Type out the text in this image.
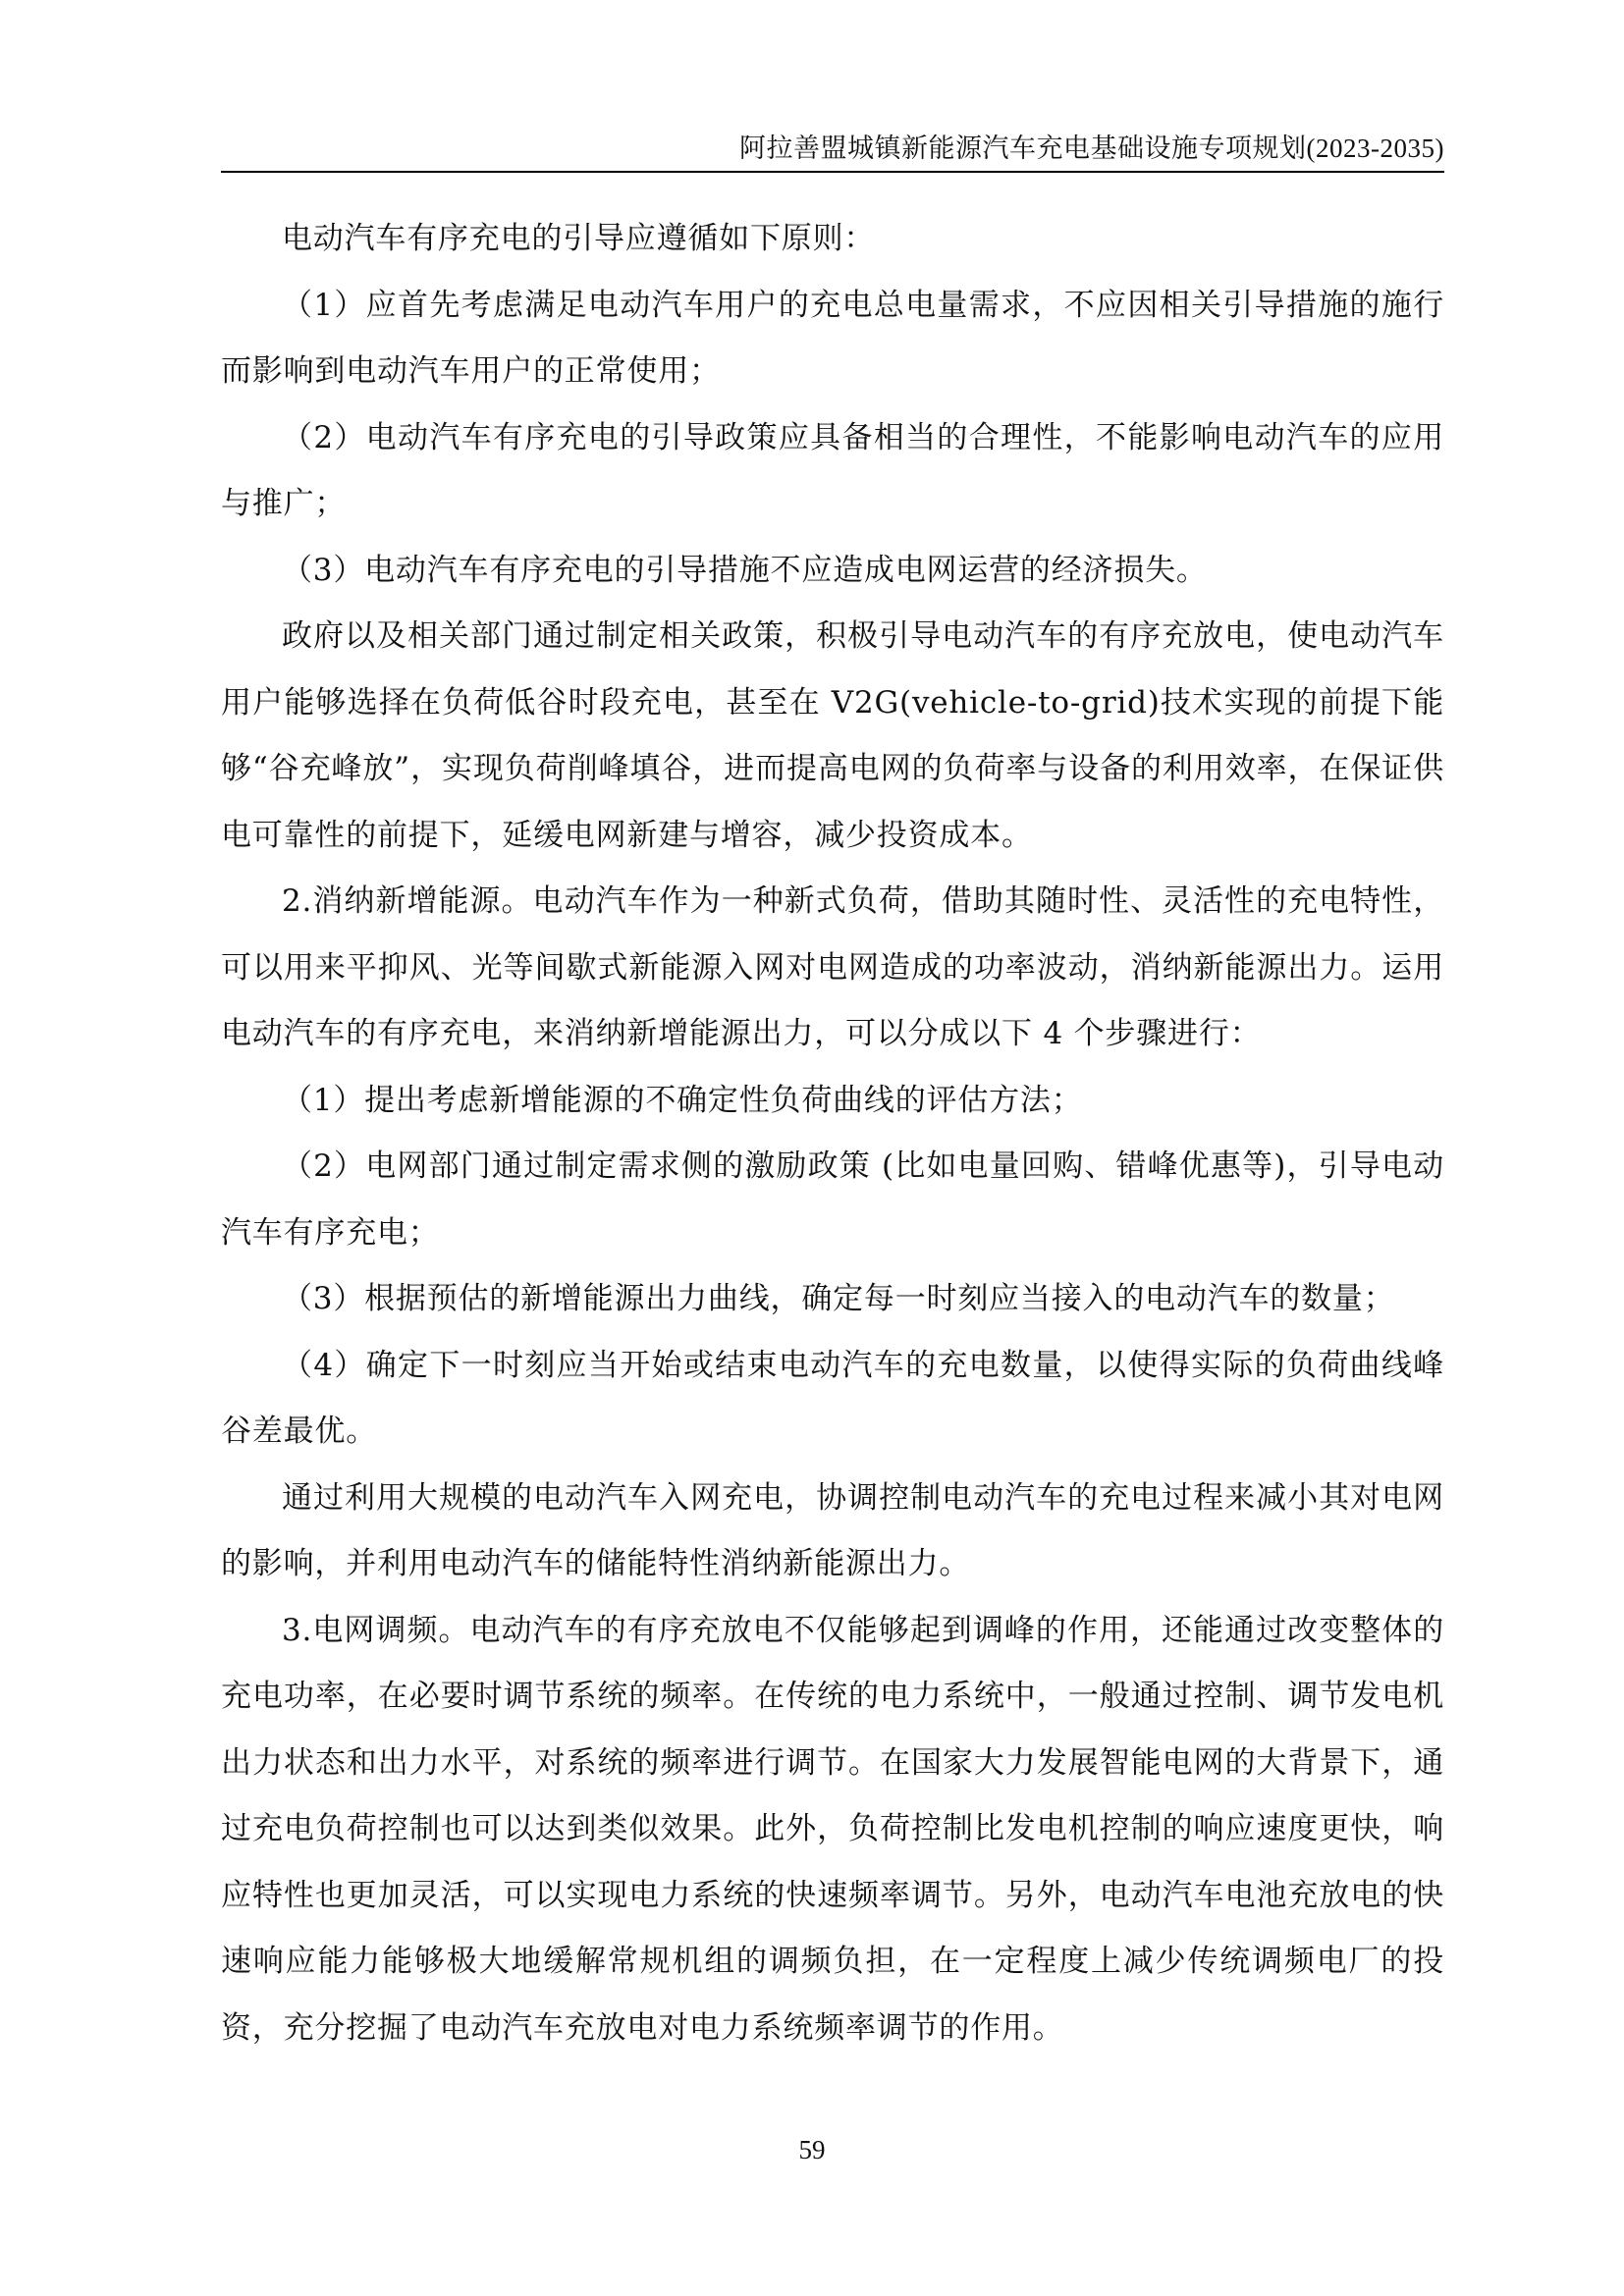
阿拉善盟城镇新能源汽车充电基础设施专项规划(2023-2035)

电动汽车有序充电的引导应遵循如下原则：

（1）应首先考虑满足电动汽车用户的充电总电量需求，不应因相关引导措施的施行而影响到电动汽车用户的正常使用；

（2）电动汽车有序充电的引导政策应具备相当的合理性，不能影响电动汽车的应用与推广；

（3）电动汽车有序充电的引导措施不应造成电网运营的经济损失。

政府以及相关部门通过制定相关政策，积极引导电动汽车的有序充放电，使电动汽车用户能够选择在负荷低谷时段充电，甚至在 V2G(vehicle-to-grid)技术实现的前提下能够“谷充峰放”，实现负荷削峰填谷，进而提高电网的负荷率与设备的利用效率，在保证供电可靠性的前提下，延缓电网新建与增容，减少投资成本。

2.消纳新增能源。电动汽车作为一种新式负荷，借助其随时性、灵活性的充电特性，可以用来平抑风、光等间歇式新能源入网对电网造成的功率波动，消纳新能源出力。运用电动汽车的有序充电，来消纳新增能源出力，可以分成以下 4 个步骤进行：

（1）提出考虑新增能源的不确定性负荷曲线的评估方法；

（2）电网部门通过制定需求侧的激励政策 (比如电量回购、错峰优惠等)，引导电动汽车有序充电；

（3）根据预估的新增能源出力曲线，确定每一时刻应当接入的电动汽车的数量；

（4）确定下一时刻应当开始或结束电动汽车的充电数量，以使得实际的负荷曲线峰谷差最优。

通过利用大规模的电动汽车入网充电，协调控制电动汽车的充电过程来减小其对电网的影响，并利用电动汽车的储能特性消纳新能源出力。

3.电网调频。电动汽车的有序充放电不仅能够起到调峰的作用，还能通过改变整体的充电功率，在必要时调节系统的频率。在传统的电力系统中，一般通过控制、调节发电机出力状态和出力水平，对系统的频率进行调节。在国家大力发展智能电网的大背景下，通过充电负荷控制也可以达到类似效果。此外，负荷控制比发电机控制的响应速度更快，响应特性也更加灵活，可以实现电力系统的快速频率调节。另外，电动汽车电池充放电的快速响应能力能够极大地缓解常规机组的调频负担，在一定程度上减少传统调频电厂的投资，充分挖掘了电动汽车充放电对电力系统频率调节的作用。

59
